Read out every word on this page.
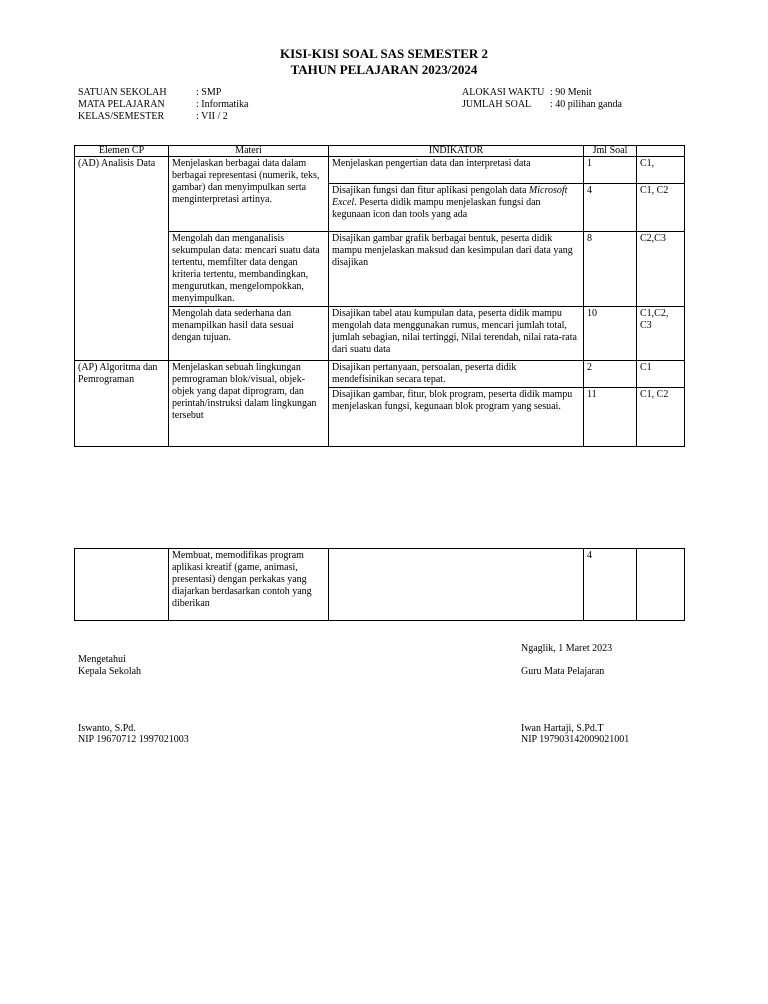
KISI-KISI SOAL SAS SEMESTER 2
TAHUN PELAJARAN 2023/2024
SATUAN SEKOLAH	: SMP
MATA PELAJARAN	: Informatika
KELAS/SEMESTER	: VII / 2
ALOKASI WAKTU : 90 Menit
JUMLAH SOAL : 40 pilihan ganda
Elemen CP	Materi	INDIKATOR	Jml Soal	
(AD) Analisis Data	Menjelaskan berbagai data dalam berbagai representasi (numerik, teks, gambar) dan menyimpulkan serta menginterpretasi artinya.	Menjelaskan pengertian data dan interpretasi data	1	C1,
		Disajikan fungsi dan fitur aplikasi pengolah data Microsoft Excel. Peserta didik mampu menjelaskan fungsi dan kegunaan icon dan tools yang ada	4	C1, C2
	Mengolah dan menganalisis sekumpulan data: mencari suatu data tertentu, memfilter data dengan kriteria tertentu, membandingkan, mengurutkan, mengelompokkan, menyimpulkan.	Disajikan gambar grafik berbagai bentuk, peserta didik mampu menjelaskan maksud dan kesimpulan dari data yang disajikan	8	C2,C3
	Mengolah data sederhana dan menampilkan hasil data sesuai dengan tujuan.	Disajikan tabel atau kumpulan data, peserta didik mampu mengolah data menggunakan rumus, mencari jumlah total, jumlah sebagian, nilai tertinggi, Nilai terendah, nilai rata-rata dari suatu data	10	C1,C2, C3

(AP) Algoritma dan Pemrograman	Menjelaskan sebuah lingkungan pemrograman blok/visual, objek-objek yang dapat diprogram, dan perintah/instruksi dalam lingkungan tersebut	Disajikan pertanyaan, persoalan, peserta didik mendefisinikan secara tepat.	2	C1
		Disajikan gambar, fitur, blok program, peserta didik mampu menjelaskan fungsi, kegunaan blok program yang sesuai.	11	C1, C2
	Membuat, memodifikas program aplikasi kreatif (game, animasi, presentasi) dengan perkakas yang diajarkan berdasarkan contoh yang diberikan		4	
Ngaglik, 1 Maret 2023
Mengetahui
Kepala Sekolah	Guru Mata Pelajaran
Iswanto, S.Pd.
NIP 19670712 1997021003
Iwan Hartaji, S.Pd.T
NIP 197903142009021001
